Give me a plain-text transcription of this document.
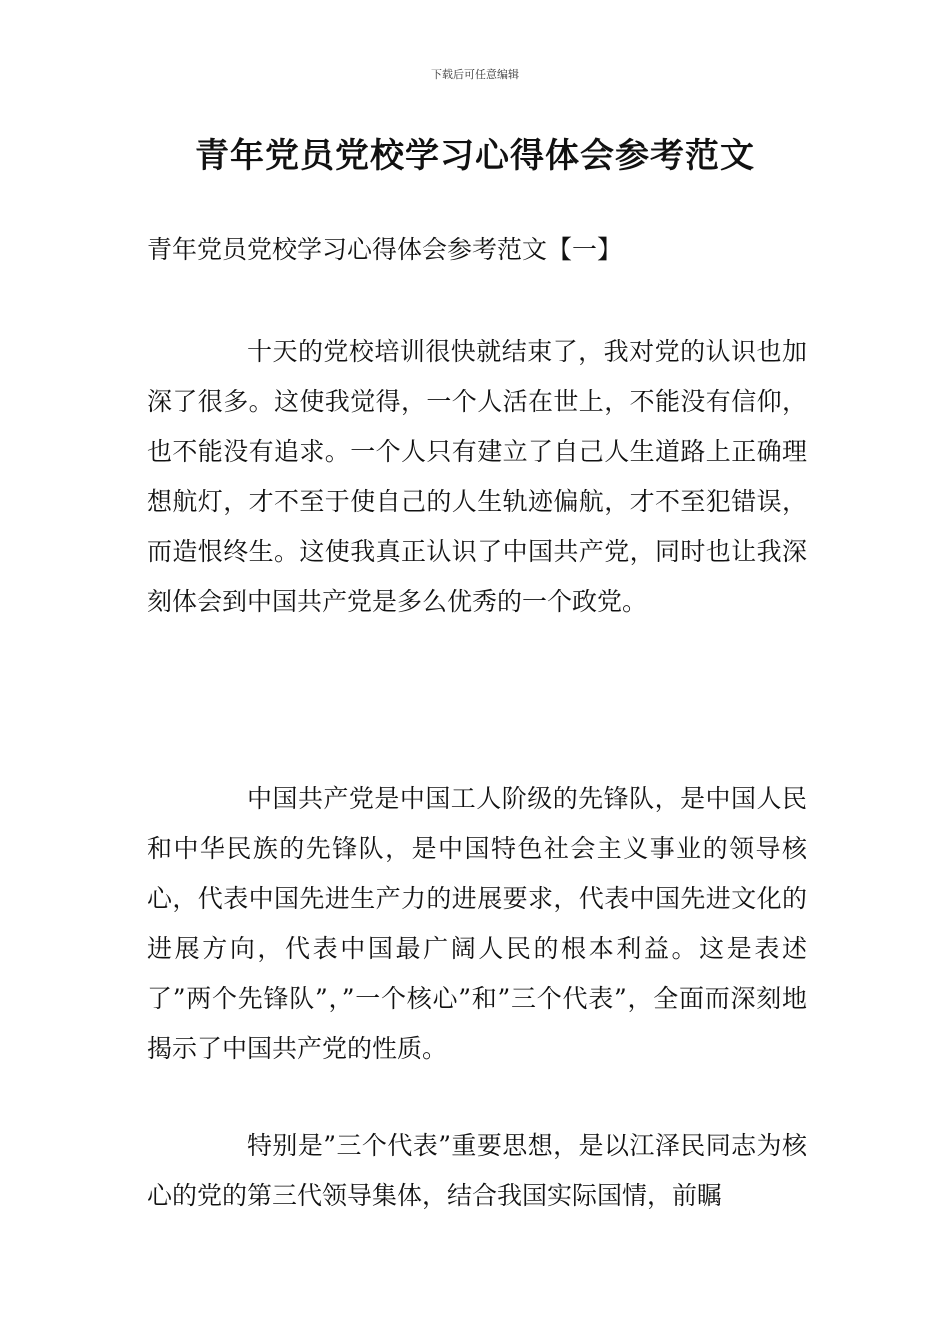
下载后可任意编辑
青年党员党校学习心得体会参考范文
青年党员党校学习心得体会参考范文【一】

十天的党校培训很快就结束了，我对党的认识也加深了很多。这使我觉得，一个人活在世上，不能没有信仰，也不能没有追求。一个人只有建立了自己人生道路上正确理想航灯，才不至于使自己的人生轨迹偏航，才不至犯错误，而造恨终生。这使我真正认识了中国共产党，同时也让我深刻体会到中国共产党是多么优秀的一个政党。

中国共产党是中国工人阶级的先锋队，是中国人民和中华民族的先锋队，是中国特色社会主义事业的领导核心，代表中国先进生产力的进展要求，代表中国先进文化的进展方向，代表中国最广阔人民的根本利益。这是表述了”两个先锋队”，”一个核心”和”三个代表”，全面而深刻地揭示了中国共产党的性质。

特别是”三个代表”重要思想，是以江泽民同志为核心的党的第三代领导集体，结合我国实际国情，前瞩
